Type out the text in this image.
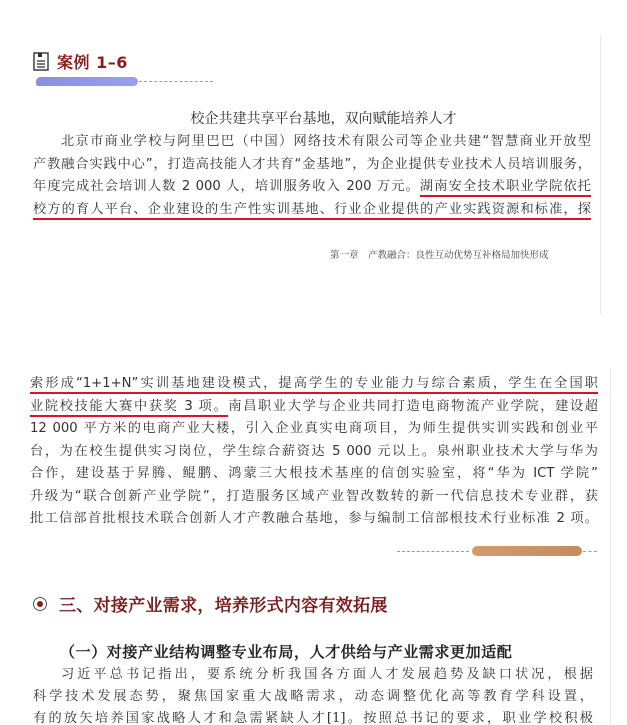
案例 1–6
校企共建共享平台基地，双向赋能培养人才
北京市商业学校与阿里巴巴（中国）网络技术有限公司等企业共建“智慧商业开放型
产教融合实践中心”，打造高技能人才共育“金基地”，为企业提供专业技术人员培训服务，
年度完成社会培训人数 2 000 人，培训服务收入 200 万元。湖南安全技术职业学院依托
校方的育人平台、企业建设的生产性实训基地、行业企业提供的产业实践资源和标准，探
第一章　产教融合：良性互动优势互补格局加快形成
索形成“1+1+N”实训基地建设模式，提高学生的专业能力与综合素质，学生在全国职
业院校技能大赛中获奖 3 项。南昌职业大学与企业共同打造电商物流产业学院，建设超
12 000 平方米的电商产业大楼，引入企业真实电商项目，为师生提供实训实践和创业平
台，为在校生提供实习岗位，学生综合薪资达 5 000 元以上。泉州职业技术大学与华为
合作，建设基于昇腾、鲲鹏、鸿蒙三大根技术基座的信创实验室，将“华为 ICT 学院”
升级为“联合创新产业学院”，打造服务区域产业智改数转的新一代信息技术专业群，获
批工信部首批根技术联合创新人才产教融合基地，参与编制工信部根技术行业标准 2 项。
三、对接产业需求，培养形式内容有效拓展
（一）对接产业结构调整专业布局，人才供给与产业需求更加适配
习近平总书记指出，要系统分析我国各方面人才发展趋势及缺口状况，根据
科学技术发展态势，聚焦国家重大战略需求，动态调整优化高等教育学科设置，
有的放矢培养国家战略人才和急需紧缺人才[1]。按照总书记的要求，职业学校积极
